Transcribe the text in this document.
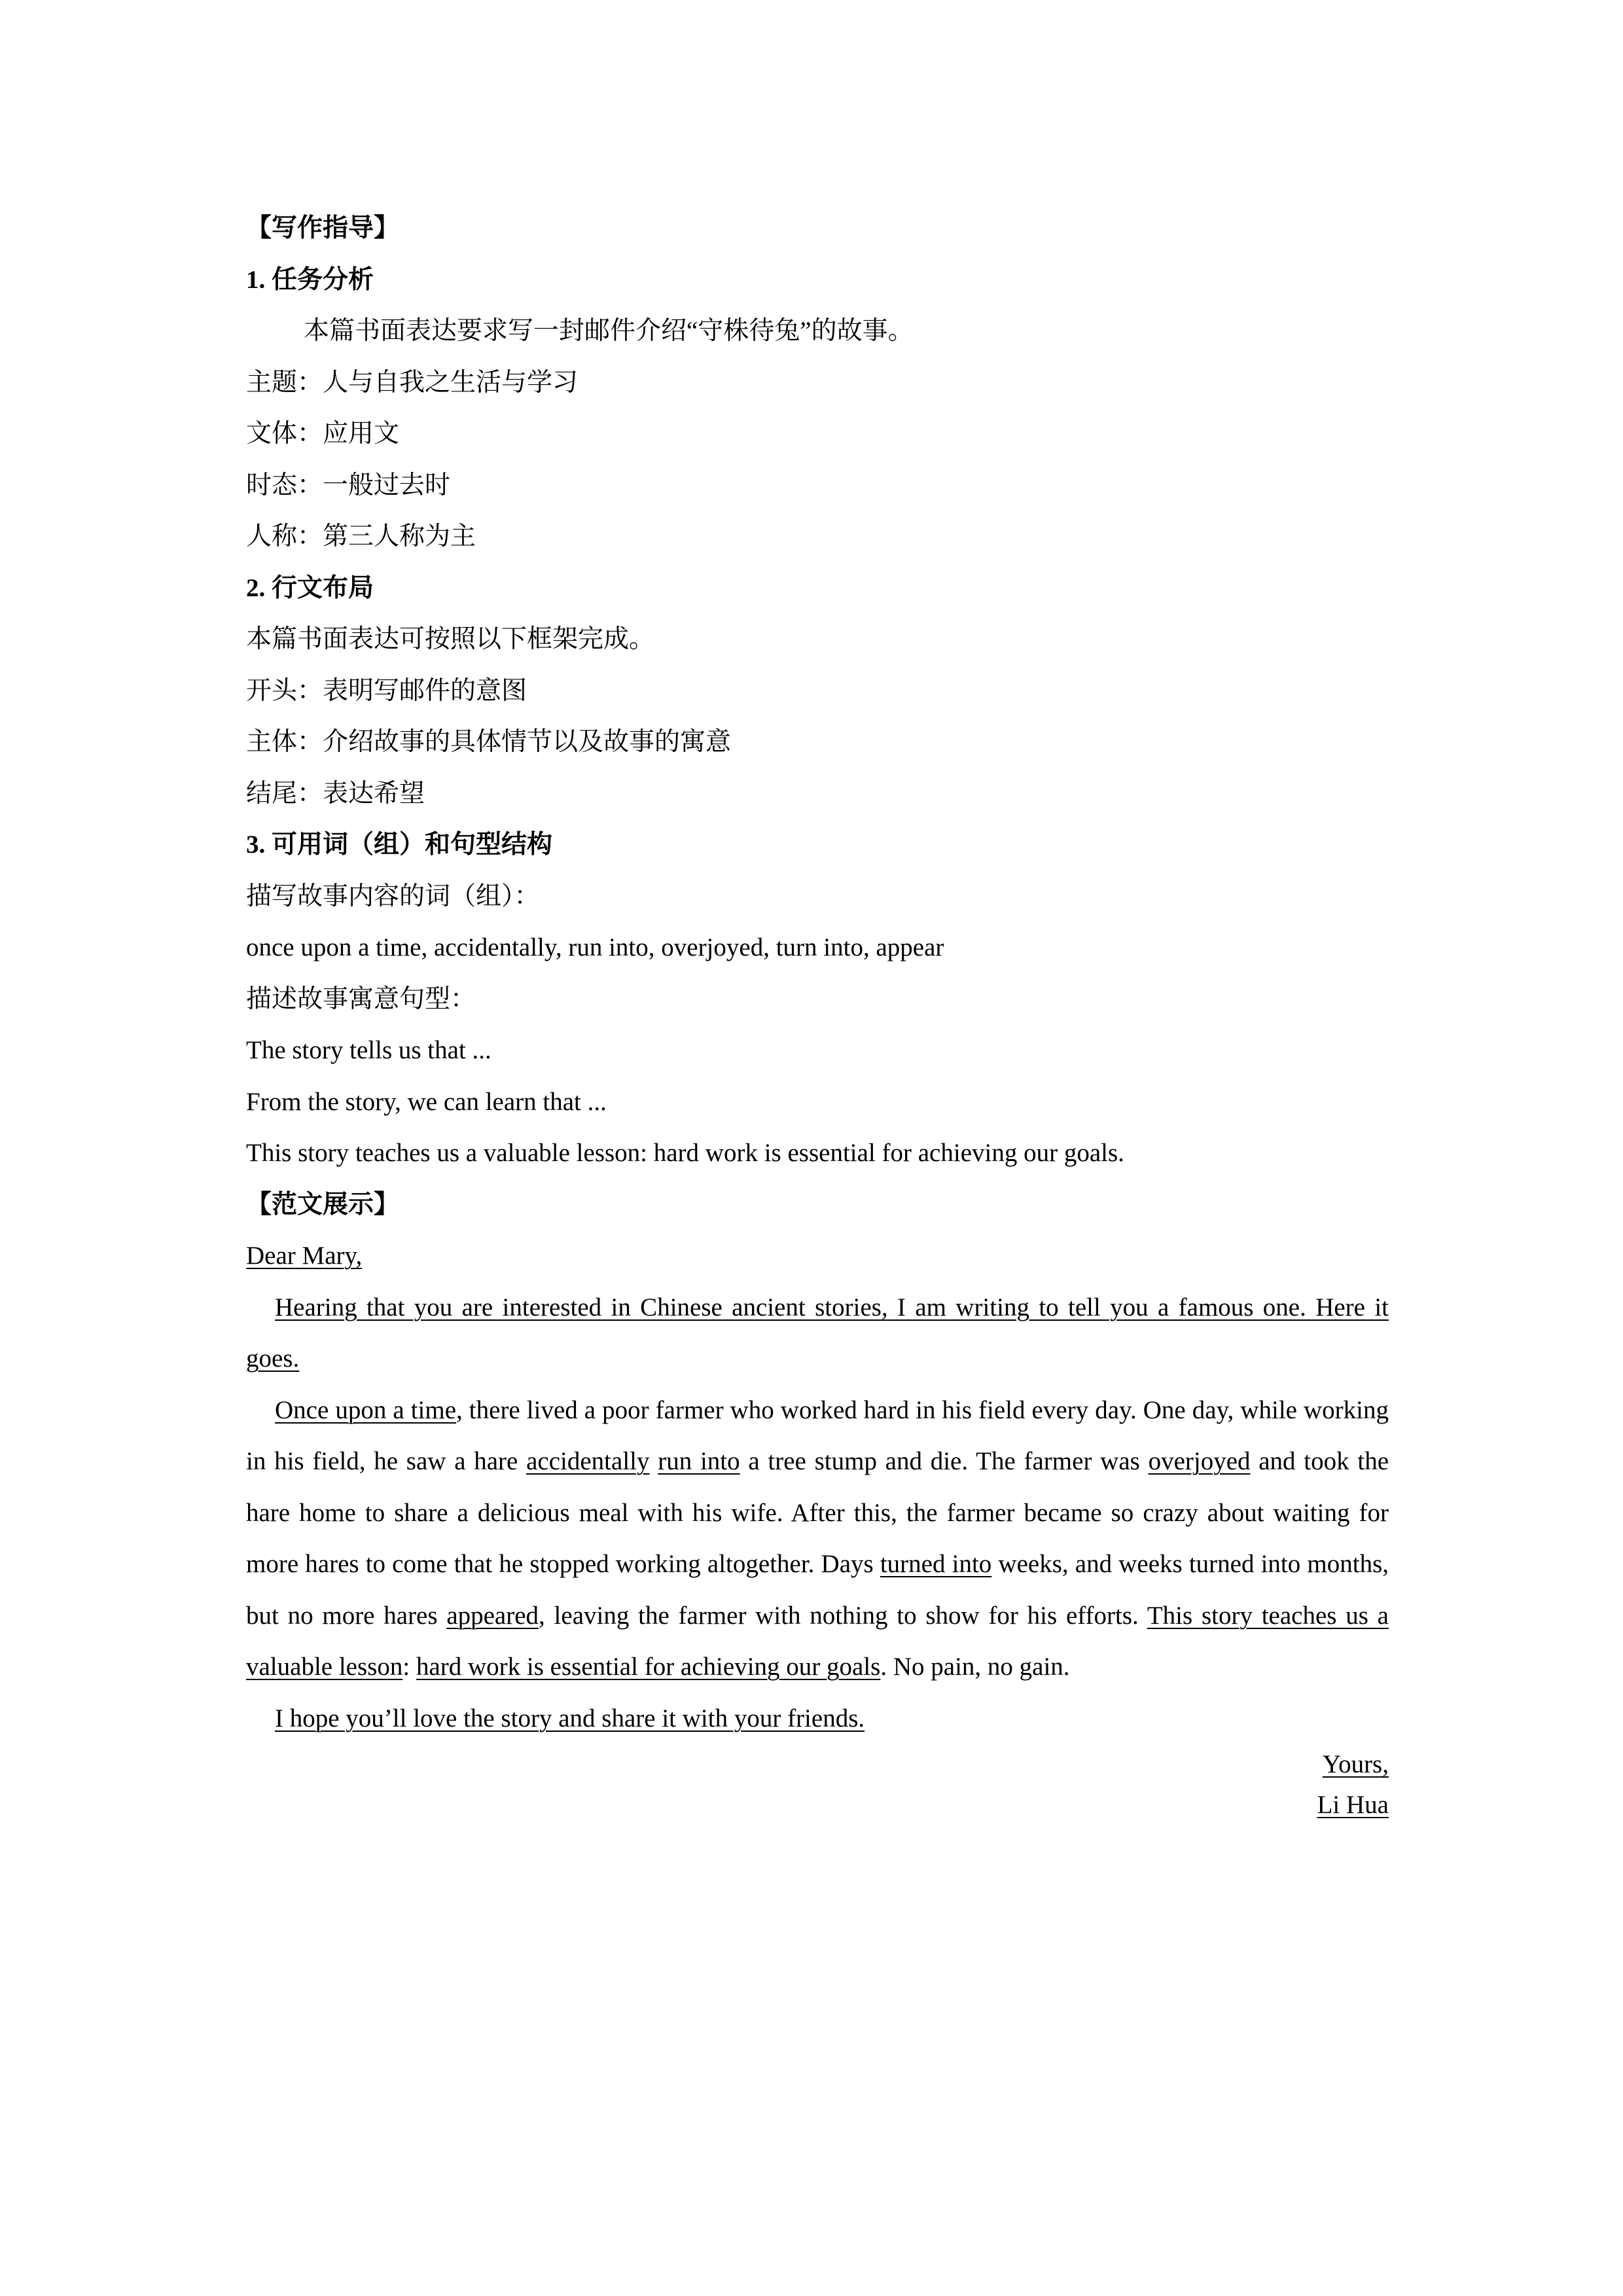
【写作指导】
1. 任务分析
本篇书面表达要求写一封邮件介绍“守株待兔”的故事。
主题：人与自我之生活与学习
文体：应用文
时态：一般过去时
人称：第三人称为主
2. 行文布局
本篇书面表达可按照以下框架完成。
开头：表明写邮件的意图
主体：介绍故事的具体情节以及故事的寓意
结尾：表达希望
3. 可用词（组）和句型结构
描写故事内容的词（组）：
once upon a time, accidentally, run into, overjoyed, turn into, appear
描述故事寓意句型：
The story tells us that ...
From the story, we can learn that ...
This story teaches us a valuable lesson: hard work is essential for achieving our goals.
【范文展示】
Dear Mary,
Hearing that you are interested in Chinese ancient stories, I am writing to tell you a famous one. Here it goes.
Once upon a time, there lived a poor farmer who worked hard in his field every day. One day, while working in his field, he saw a hare accidentally run into a tree stump and die. The farmer was overjoyed and took the hare home to share a delicious meal with his wife. After this, the farmer became so crazy about waiting for more hares to come that he stopped working altogether. Days turned into weeks, and weeks turned into months, but no more hares appeared, leaving the farmer with nothing to show for his efforts. This story teaches us a valuable lesson: hard work is essential for achieving our goals. No pain, no gain.
I hope you’ll love the story and share it with your friends.
Yours,
Li Hua
